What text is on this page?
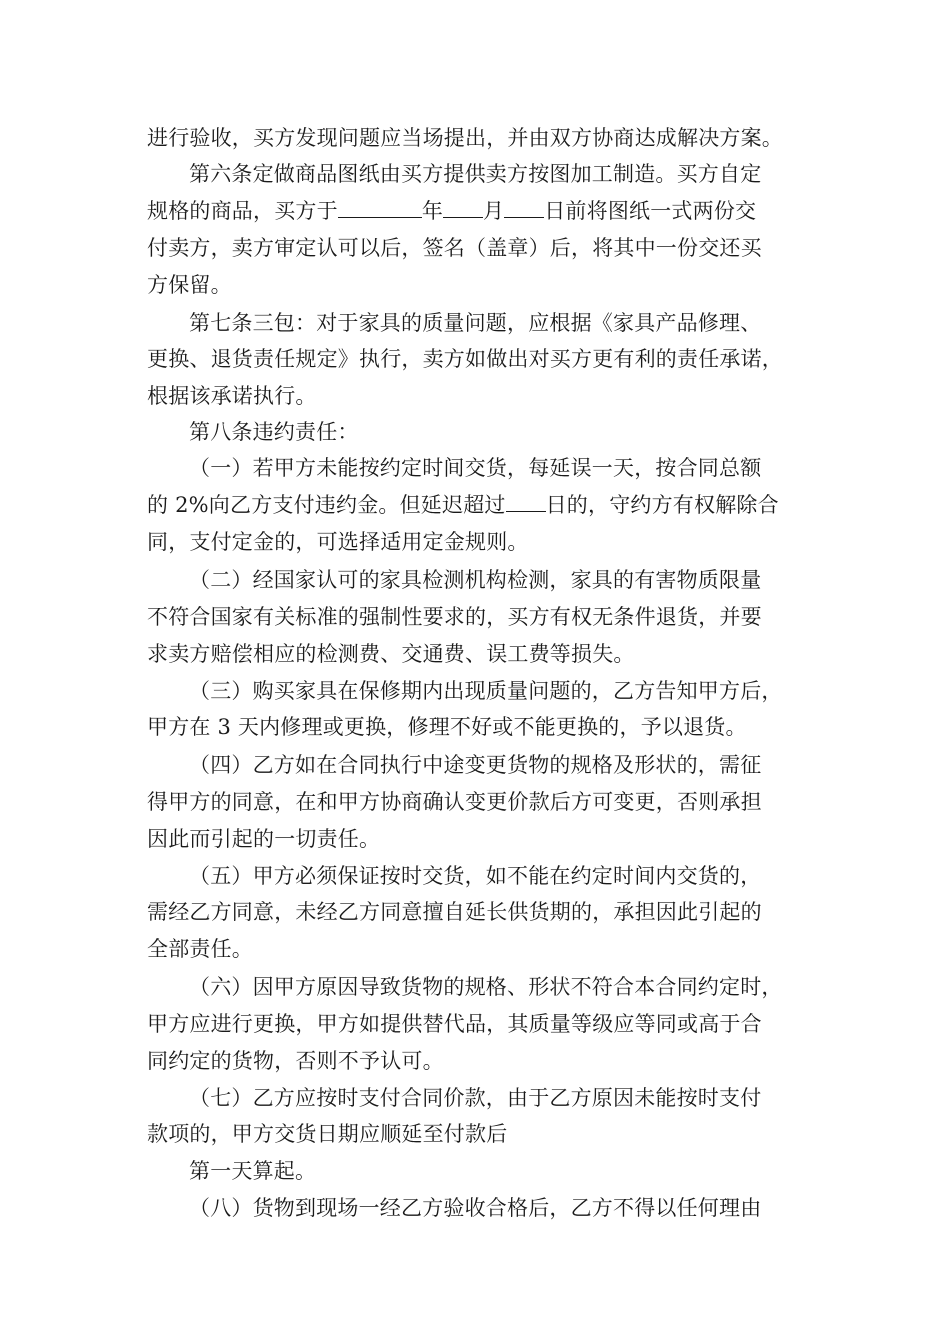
进行验收，买方发现问题应当场提出，并由双方协商达成解决方案。
第六条定做商品图纸由买方提供卖方按图加工制造。买方自定
规格的商品，买方于	年 月 日前将图纸一式两份交
付卖方，卖方审定认可以后，签名（盖章）后，将其中一份交还买
方保留。
第七条三包：对于家具的质量问题，应根据《家具产品修理、
更换、退货责任规定》执行，卖方如做出对买方更有利的责任承诺，
根据该承诺执行。
第八条违约责任：
（一）若甲方未能按约定时间交货，每延误一天，按合同总额
的 2%向乙方支付违约金。但延迟超过 日的，守约方有权解除合
同，支付定金的，可选择适用定金规则。
（二）经国家认可的家具检测机构检测，家具的有害物质限量
不符合国家有关标准的强制性要求的，买方有权无条件退货，并要
求卖方赔偿相应的检测费、交通费、误工费等损失。
（三）购买家具在保修期内出现质量问题的，乙方告知甲方后，
甲方在 3 天内修理或更换，修理不好或不能更换的，予以退货。
（四）乙方如在合同执行中途变更货物的规格及形状的，需征
得甲方的同意，在和甲方协商确认变更价款后方可变更，否则承担
因此而引起的一切责任。
（五）甲方必须保证按时交货，如不能在约定时间内交货的，
需经乙方同意，未经乙方同意擅自延长供货期的，承担因此引起的
全部责任。
（六）因甲方原因导致货物的规格、形状不符合本合同约定时，
甲方应进行更换，甲方如提供替代品，其质量等级应等同或高于合
同约定的货物，否则不予认可。
（七）乙方应按时支付合同价款，由于乙方原因未能按时支付
款项的，甲方交货日期应顺延至付款后
第一天算起。
（八）货物到现场一经乙方验收合格后，乙方不得以任何理由
